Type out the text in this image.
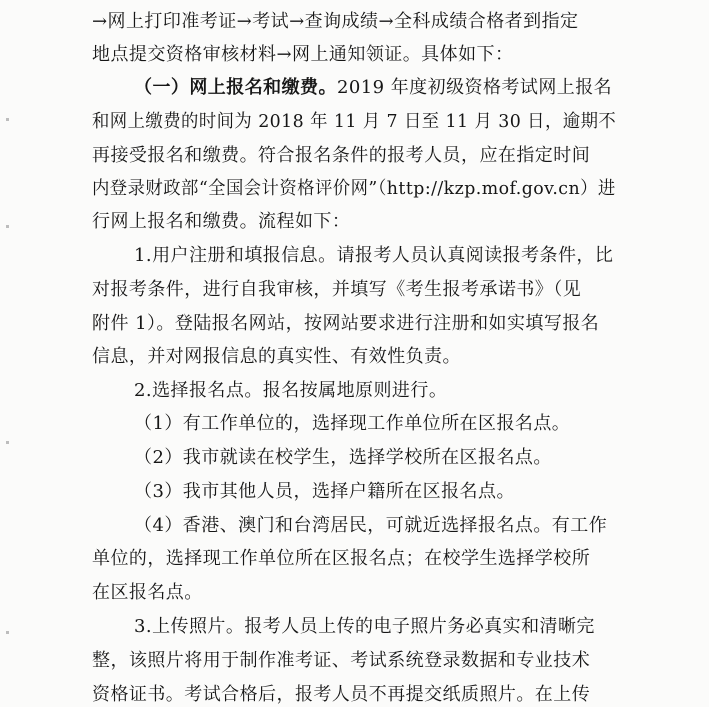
→网上打印准考证→考试→查询成绩→全科成绩合格者到指定
地点提交资格审核材料→网上通知领证。具体如下：
（一）网上报名和缴费。2019 年度初级资格考试网上报名
和网上缴费的时间为 2018 年 11 月 7 日至 11 月 30 日，逾期不
再接受报名和缴费。符合报名条件的报考人员，应在指定时间
内登录财政部“全国会计资格评价网”（http://kzp.mof.gov.cn）进
行网上报名和缴费。流程如下：
1.用户注册和填报信息。请报考人员认真阅读报考条件，比
对报考条件，进行自我审核，并填写《考生报考承诺书》（见
附件 1）。登陆报名网站，按网站要求进行注册和如实填写报名
信息，并对网报信息的真实性、有效性负责。
2.选择报名点。报名按属地原则进行。
（1）有工作单位的，选择现工作单位所在区报名点。
（2）我市就读在校学生，选择学校所在区报名点。
（3）我市其他人员，选择户籍所在区报名点。
（4）香港、澳门和台湾居民，可就近选择报名点。有工作
单位的，选择现工作单位所在区报名点；在校学生选择学校所
在区报名点。
3.上传照片。报考人员上传的电子照片务必真实和清晰完
整，该照片将用于制作准考证、考试系统登录数据和专业技术
资格证书。考试合格后，报考人员不再提交纸质照片。在上传
